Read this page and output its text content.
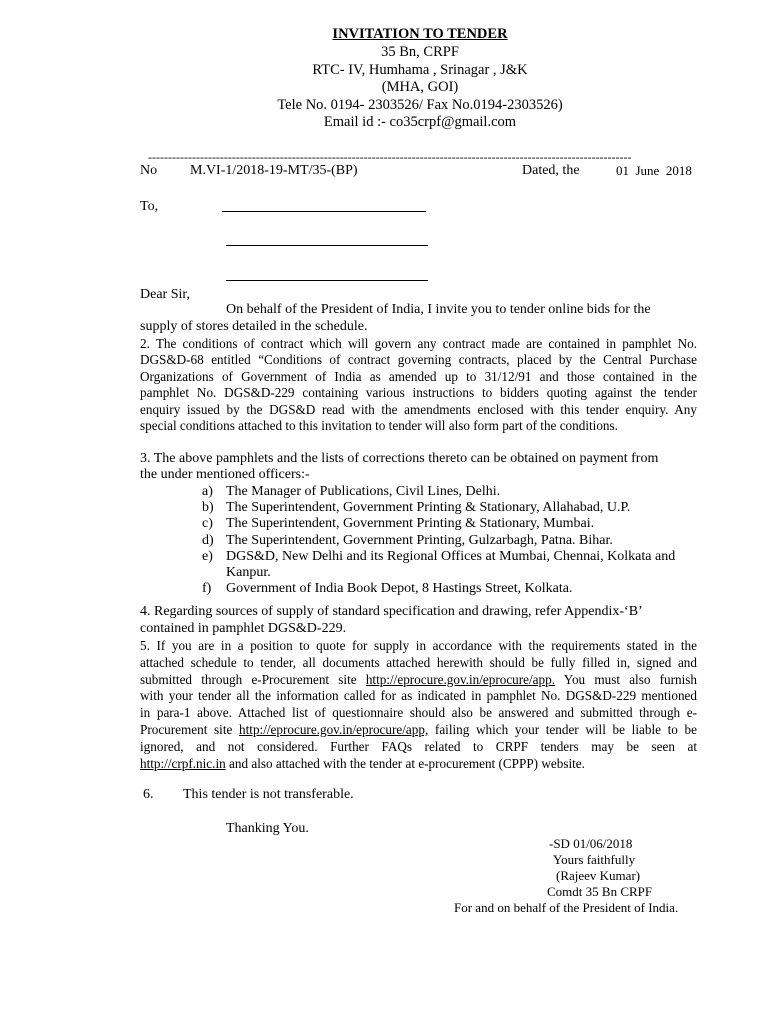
INVITATION TO TENDER
35 Bn, CRPF
RTC- IV, Humhama , Srinagar , J&K
(MHA, GOI)
Tele No. 0194- 2303526/ Fax No.0194-2303526)
Email id :- co35crpf@gmail.com
-------------------------------------------------------------------------------------------------------------------------
No M.VI-1/2018-19-MT/35-(BP)	Dated, the	01  June  2018
To,
Dear Sir,
On behalf of the President of India, I invite you to tender online bids for the
supply of stores detailed in the schedule.
2. The conditions of contract which will govern any contract made are contained in pamphlet No.
DGS&D-68 entitled “Conditions of contract governing contracts, placed by the Central Purchase
Organizations of Government of India as amended up to 31/12/91 and those contained in the
pamphlet No. DGS&D-229 containing various instructions to bidders quoting against the tender
enquiry issued by the DGS&D read with the amendments enclosed with this tender enquiry. Any
special conditions attached to this invitation to tender will also form part of the conditions.
3. The above pamphlets and the lists of corrections thereto can be obtained on payment from
the under mentioned officers:-
a) The Manager of Publications, Civil Lines, Delhi.
b) The Superintendent, Government Printing & Stationary, Allahabad, U.P.
c) The Superintendent, Government Printing & Stationary, Mumbai.
d) The Superintendent, Government Printing, Gulzarbagh, Patna. Bihar.
e) DGS&D, New Delhi and its Regional Offices at Mumbai, Chennai, Kolkata and
Kanpur.
f) Government of India Book Depot, 8 Hastings Street, Kolkata.
4. Regarding sources of supply of standard specification and drawing, refer Appendix-‘B’
contained in pamphlet DGS&D-229.
5. If you are in a position to quote for supply in accordance with the requirements stated in the
attached schedule to tender, all documents attached herewith should be fully filled in, signed and
submitted through e-Procurement site http://eprocure.gov.in/eprocure/app. You must also furnish
with your tender all the information called for as indicated in pamphlet No. DGS&D-229 mentioned
in para-1 above. Attached list of questionnaire should also be answered and submitted through e-
Procurement site http://eprocure.gov.in/eprocure/app, failing which your tender will be liable to be
ignored, and not considered. Further FAQs related to CRPF tenders may be seen at
http://crpf.nic.in and also attached with the tender at e-procurement (CPPP) website.
6. This tender is not transferable.
Thanking You.
-SD 01/06/2018
Yours faithfully
(Rajeev Kumar)
Comdt 35 Bn CRPF
For and on behalf of the President of India.
